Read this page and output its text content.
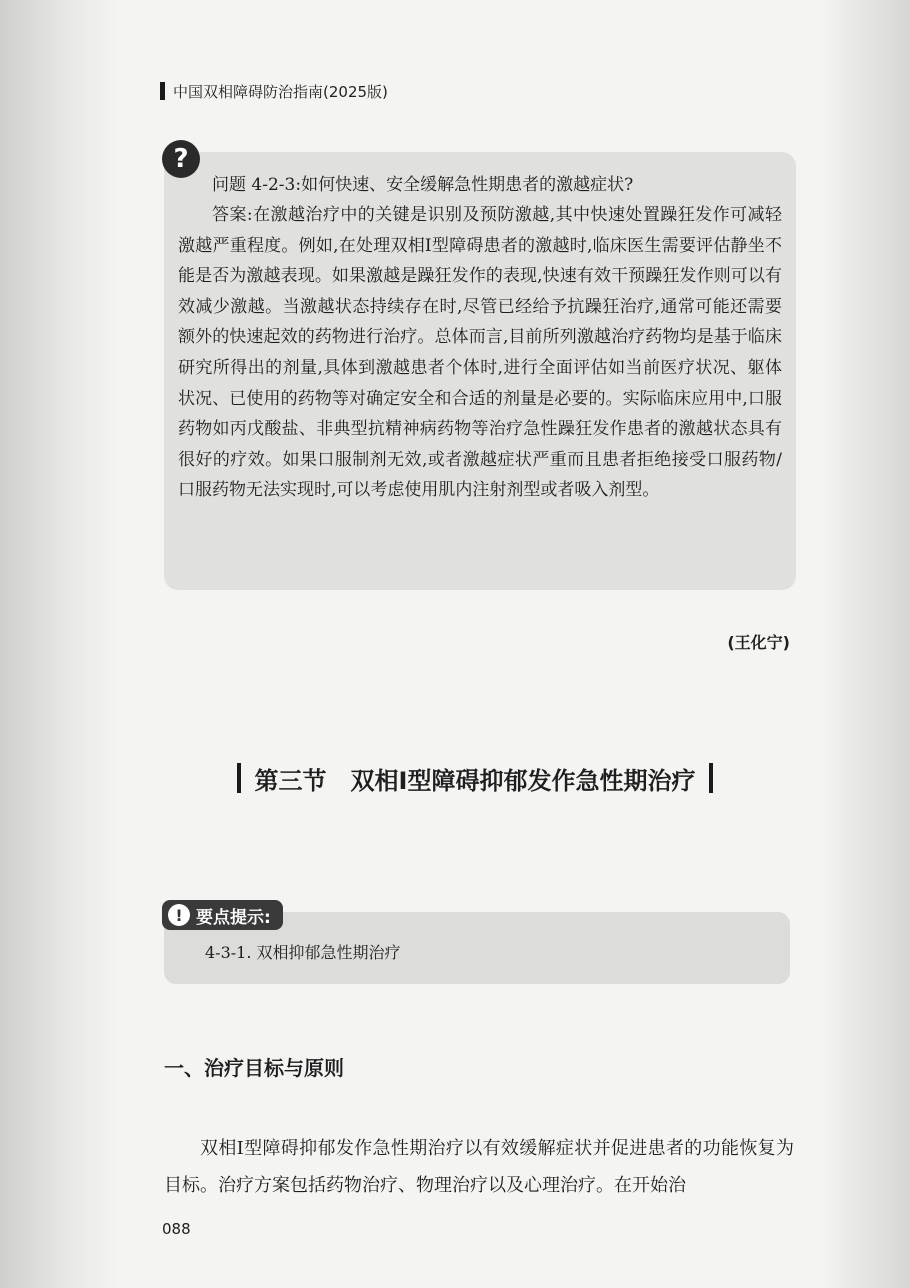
中国双相障碍防治指南(2025版)
?
问题 4-2-3:如何快速、安全缓解急性期患者的激越症状?
答案:在激越治疗中的关键是识别及预防激越,其中快速处置躁狂发作可减轻激越严重程度。例如,在处理双相I型障碍患者的激越时,临床医生需要评估静坐不能是否为激越表现。如果激越是躁狂发作的表现,快速有效干预躁狂发作则可以有效减少激越。当激越状态持续存在时,尽管已经给予抗躁狂治疗,通常可能还需要额外的快速起效的药物进行治疗。总体而言,目前所列激越治疗药物均是基于临床研究所得出的剂量,具体到激越患者个体时,进行全面评估如当前医疗状况、躯体状况、已使用的药物等对确定安全和合适的剂量是必要的。实际临床应用中,口服药物如丙戊酸盐、非典型抗精神病药物等治疗急性躁狂发作患者的激越状态具有很好的疗效。如果口服制剂无效,或者激越症状严重而且患者拒绝接受口服药物/口服药物无法实现时,可以考虑使用肌内注射剂型或者吸入剂型。
(王化宁)
第三节　双相I型障碍抑郁发作急性期治疗
! 要点提示:
4-3-1. 双相抑郁急性期治疗
一、治疗目标与原则
双相I型障碍抑郁发作急性期治疗以有效缓解症状并促进患者的功能恢复为目标。治疗方案包括药物治疗、物理治疗以及心理治疗。在开始治
088
